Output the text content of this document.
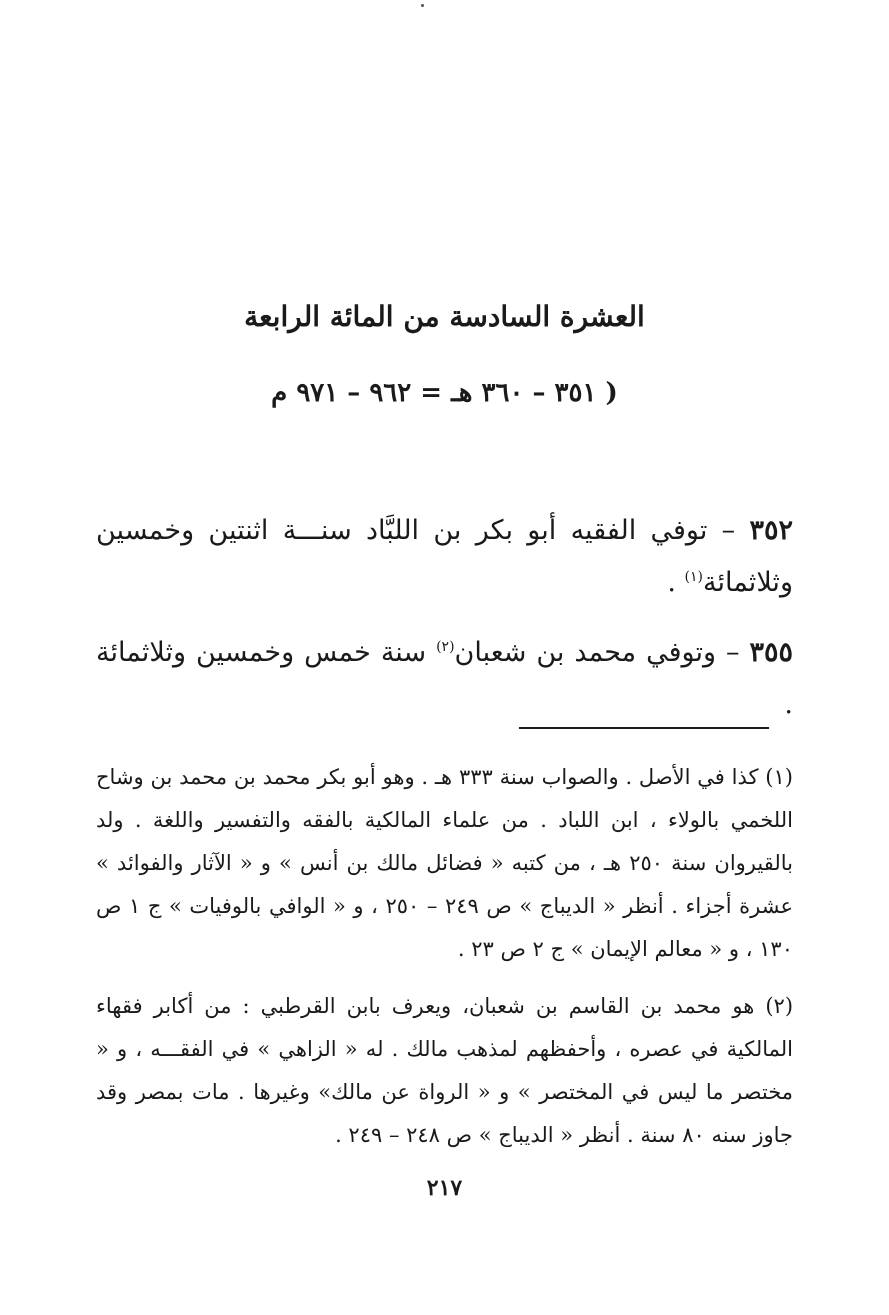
العشرة السادسة من المائة الرابعة
( ٣٥١ – ٣٦٠ هـ = ٩٦٢ – ٩٧١ م
٣٥٢ – توفي الفقيه أبو بكر بن اللبَّاد سنـــة اثنتين وخمسين وثلاثمائة$^{(١)}$ .
٣٥٥ – وتوفي محمد بن شعبان$^{(٢)}$ سنة خمس وخمسين وثلاثمائة .
(١) كذا في الأصل . والصواب سنة ٣٣٣ هـ . وهو أبو بكر محمد بن محمد بن وشاح اللخمي بالولاء ، ابن اللباد . من علماء المالكية بالفقه والتفسير واللغة . ولد بالقيروان سنة ٢٥٠ هـ ، من كتبه « فضائل مالك بن أنس » و « الآثار والفوائد » عشرة أجزاء . أنظر « الديباج » ص ٢٤٩ – ٢٥٠ ، و « الوافي بالوفيات » ج ١ ص ١٣٠ ، و « معالم الإيمان » ج ٢ ص ٢٣ .
(٢) هو محمد بن القاسم بن شعبان، ويعرف بابن القرطبي : من أكابر فقهاء المالكية في عصره ، وأحفظهم لمذهب مالك . له « الزاهي » في الفقـــه ، و « مختصر ما ليس في المختصر » و « الرواة عن مالك» وغيرها . مات بمصر وقد جاوز سنه ٨٠ سنة . أنظر « الديباج » ص ٢٤٨ – ٢٤٩ .
٢١٧
